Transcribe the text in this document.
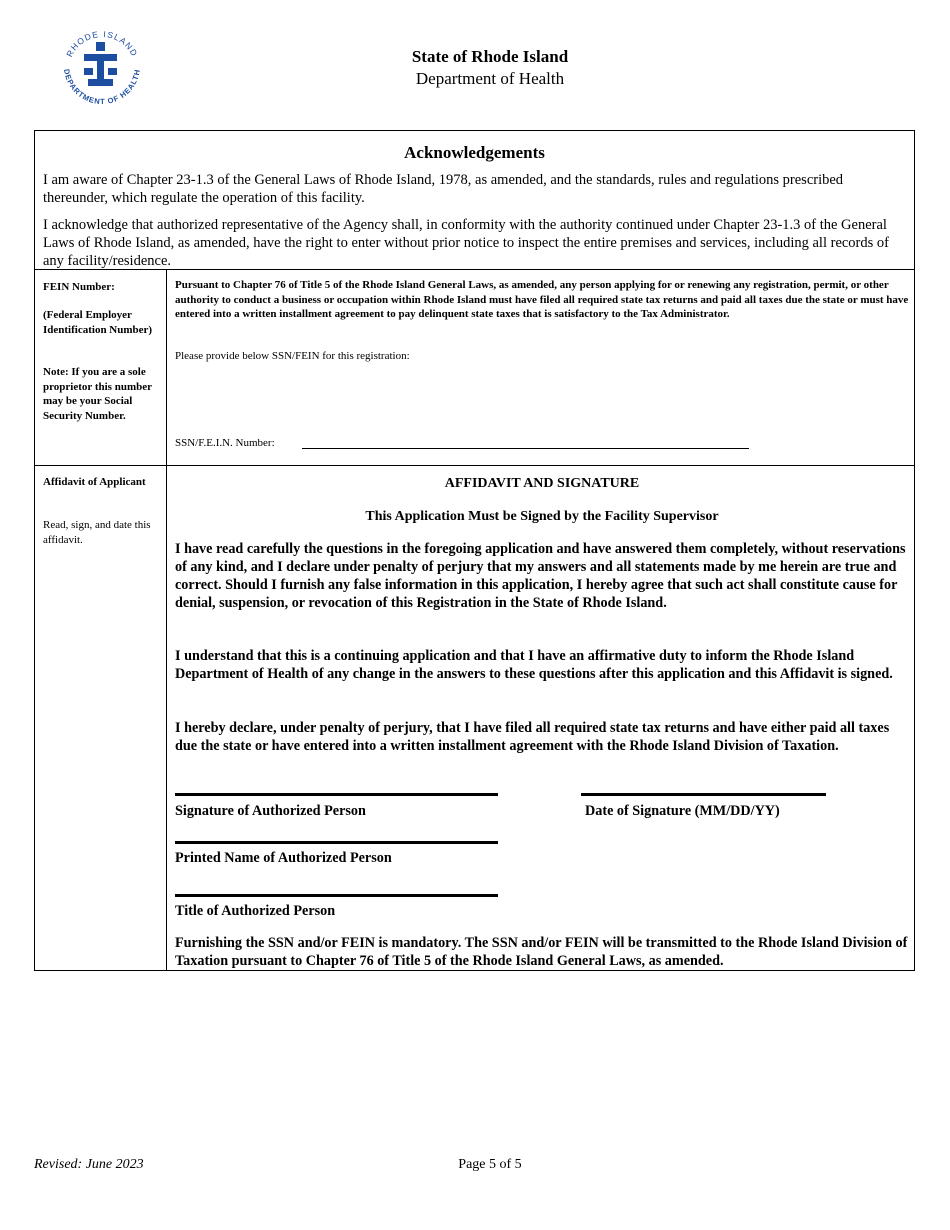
RHODE ISLAND
DEPARTMENT OF HEALTH
State of Rhode Island
Department of Health
Acknowledgements
I am aware of Chapter 23-1.3 of the General Laws of Rhode Island, 1978, as amended, and the standards, rules and regulations prescribed thereunder, which regulate the operation of this facility.
I acknowledge that authorized representative of the Agency shall, in conformity with the authority continued under Chapter 23-1.3 of the General Laws of Rhode Island, as amended, have the right to enter without prior notice to inspect the entire premises and services, including all records of any facility/residence.
FEIN Number:
(Federal Employer Identification Number)
Note: If you are a sole proprietor this number may be your Social Security Number.
Pursuant to Chapter 76 of Title 5 of the Rhode Island General Laws, as amended, any person applying for or renewing any registration, permit, or other authority to conduct a business or occupation within Rhode Island must have filed all required state tax returns and paid all taxes due the state or must have entered into a written installment agreement to pay delinquent state taxes that is satisfactory to the Tax Administrator.
Please provide below SSN/FEIN for this registration:
SSN/F.E.I.N. Number:
Affidavit of Applicant
Read, sign, and date this affidavit.
AFFIDAVIT AND SIGNATURE
This Application Must be Signed by the Facility Supervisor
I have read carefully the questions in the foregoing application and have answered them completely, without reservations of any kind, and I declare under penalty of perjury that my answers and all statements made by me herein are true and correct. Should I furnish any false information in this application, I hereby agree that such act shall constitute cause for denial, suspension, or revocation of this Registration in the State of Rhode Island.
I understand that this is a continuing application and that I have an affirmative duty to inform the Rhode Island Department of Health of any change in the answers to these questions after this application and this Affidavit is signed.
I hereby declare, under penalty of perjury, that I have filed all required state tax returns and have either paid all taxes due the state or have entered into a written installment agreement with the Rhode Island Division of Taxation.
Signature of Authorized Person	Date of Signature (MM/DD/YY)
Printed Name of Authorized Person
Title of Authorized Person
Furnishing the SSN and/or FEIN is mandatory. The SSN and/or FEIN will be transmitted to the Rhode Island Division of Taxation pursuant to Chapter 76 of Title 5 of the Rhode Island General Laws, as amended.
Revised: June 2023	Page 5 of 5
